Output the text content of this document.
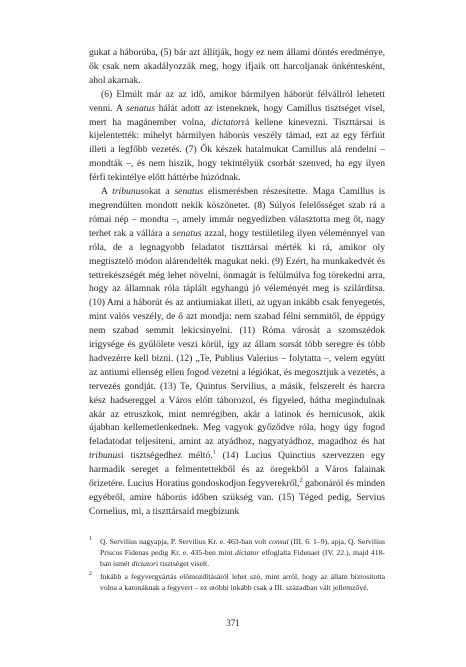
gukat a háborúba, (5) bár azt állítják, hogy ez nem állami döntés eredménye, ők csak nem akadályozzák meg, hogy ifjaik ott harcoljanak önkéntesként, ahol akarnak.

(6) Elmúlt már az az idő, amikor bármilyen háborút félvállról lehetett venni. A senatus hálát adott az isteneknek, hogy Camillus tisztséget visel, mert ha magánember volna, dictatorrá kellene kinevezni. Tiszttársai is kijelentették: mihelyt bármilyen háborús veszély támad, ezt az egy férfiút illeti a legfőbb vezetés. (7) Ők készek hatalmukat Camillus alá rendelni – mondták –, és nem hiszik, hogy tekintélyük csorbát szenved, ha egy ilyen férfi tekintélye előtt háttérbe húzódnak.

A tribunusokat a senatus elismerésben részesítette. Maga Camillus is megrendülten mondott nekik köszönetet. (8) Súlyos felelősséget szab rá a római nép – mondta –, amely immár negyedízben választotta meg őt, nagy terhet rak a vállára a senatus azzal, hogy testületileg ilyen véleménnyel van róla, de a legnagyobb feladatot tiszttársai mérték ki rá, amikor oly megtisztelő módon alárendelték magukat neki. (9) Ezért, ha munkakedvét és tettrekészségét még lehet növelni, önmagát is felülmúlva fog törekedni arra, hogy az államnak róla táplált egyhangú jó véleményét meg is szilárdítsa. (10) Ami a háborút és az antiumiakat illeti, az ugyan inkább csak fenyegetés, mint valós veszély, de ő azt mondja: nem szabad félni semmitől, de éppúgy nem szabad semmit lekicsinyelni. (11) Róma városát a szomszédok irigysége és gyűlölete veszi körül, így az állam sorsát több seregre és több hadvezérre kell bízni. (12) „Te, Publius Valerius – folytatta –, velem együtt az antiumi ellenség ellen fogod vezetni a légiókat, és megosztjuk a vezetés, a tervezés gondját. (13) Te, Quintus Servilius, a másik, felszerelt és harcra kész hadsereggel a Város előtt táborozol, és figyeled, hátha megindulnak akár az etruszkok, mint nemrégiben, akár a latinok és hernicusok, akik újabban kellemetlenkednek. Meg vagyok győződve róla, hogy úgy fogod feladatodat teljesíteni, amint az atyádhoz, nagyatyádhoz, magadhoz és hat tribunusi tisztségedhez méltó.$^1$ (14) Lucius Quinctius szervezzen egy harmadik sereget a felmentettekből és az öregekből a Város falainak őrizetére. Lucius Horatius gondoskodjon fegyverekről,$^2$ gabonáról és minden egyébről, amire háborús időben szükség van. (15) Téged pedig, Servius Cornelius, mi, a tiszttársaid megbízunk

1 Q. Servilius nagyapja, P. Servilius Kr. e. 463-ban volt consul (III. 6. 1–9), apja, Q. Servilius Priscus Fidenas pedig Kr. e. 435-ben mint dictator elfoglalta Fidenaet (IV. 22.), majd 418-ban ismét dictatori tisztséget viselt.

2 Inkább a fegyvergyártás előmozdításáról lehet szó, mint arról, hogy az állam biztosította volna a katonáknak a fegyvert – ez utóbbi inkább csak a III. században vált jellemzővé.

371
